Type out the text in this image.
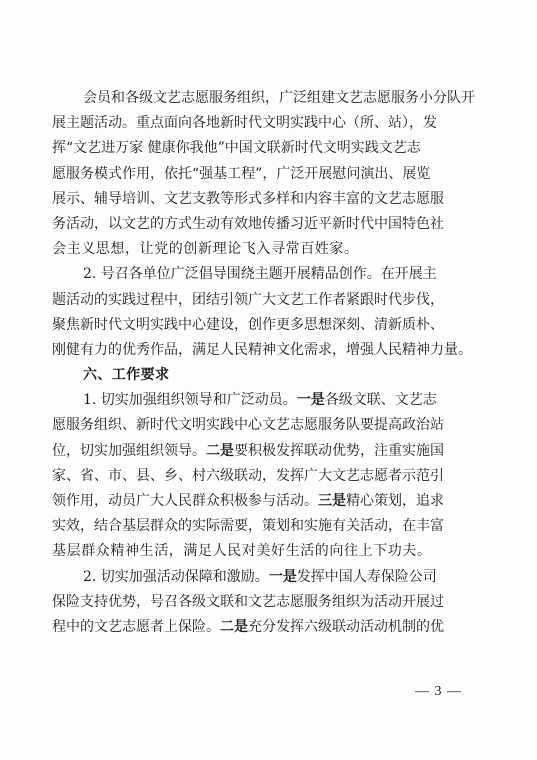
会员和各级文艺志愿服务组织，广泛组建文艺志愿服务小分队开
展主题活动。重点面向各地新时代文明实践中心（所、站），发
挥“文艺进万家 健康你我他”中国文联新时代文明实践文艺志
愿服务模式作用，依托“强基工程”，广泛开展慰问演出、展览
展示、辅导培训、文艺支教等形式多样和内容丰富的文艺志愿服
务活动，以文艺的方式生动有效地传播习近平新时代中国特色社
会主义思想，让党的创新理论飞入寻常百姓家。
2. 号召各单位广泛倡导围绕主题开展精品创作。在开展主
题活动的实践过程中，团结引领广大文艺工作者紧跟时代步伐，
聚焦新时代文明实践中心建设，创作更多思想深刻、清新质朴、
刚健有力的优秀作品，满足人民精神文化需求，增强人民精神力量。
六、工作要求
1. 切实加强组织领导和广泛动员。一是各级文联、文艺志
愿服务组织、新时代文明实践中心文艺志愿服务队要提高政治站
位，切实加强组织领导。二是要积极发挥联动优势，注重实施国
家、省、市、县、乡、村六级联动，发挥广大文艺志愿者示范引
领作用，动员广大人民群众积极参与活动。三是精心策划，追求
实效，结合基层群众的实际需要，策划和实施有关活动，在丰富
基层群众精神生活，满足人民对美好生活的向往上下功夫。
2. 切实加强活动保障和激励。一是发挥中国人寿保险公司
保险支持优势，号召各级文联和文艺志愿服务组织为活动开展过
程中的文艺志愿者上保险。二是充分发挥六级联动活动机制的优
— 3 —
